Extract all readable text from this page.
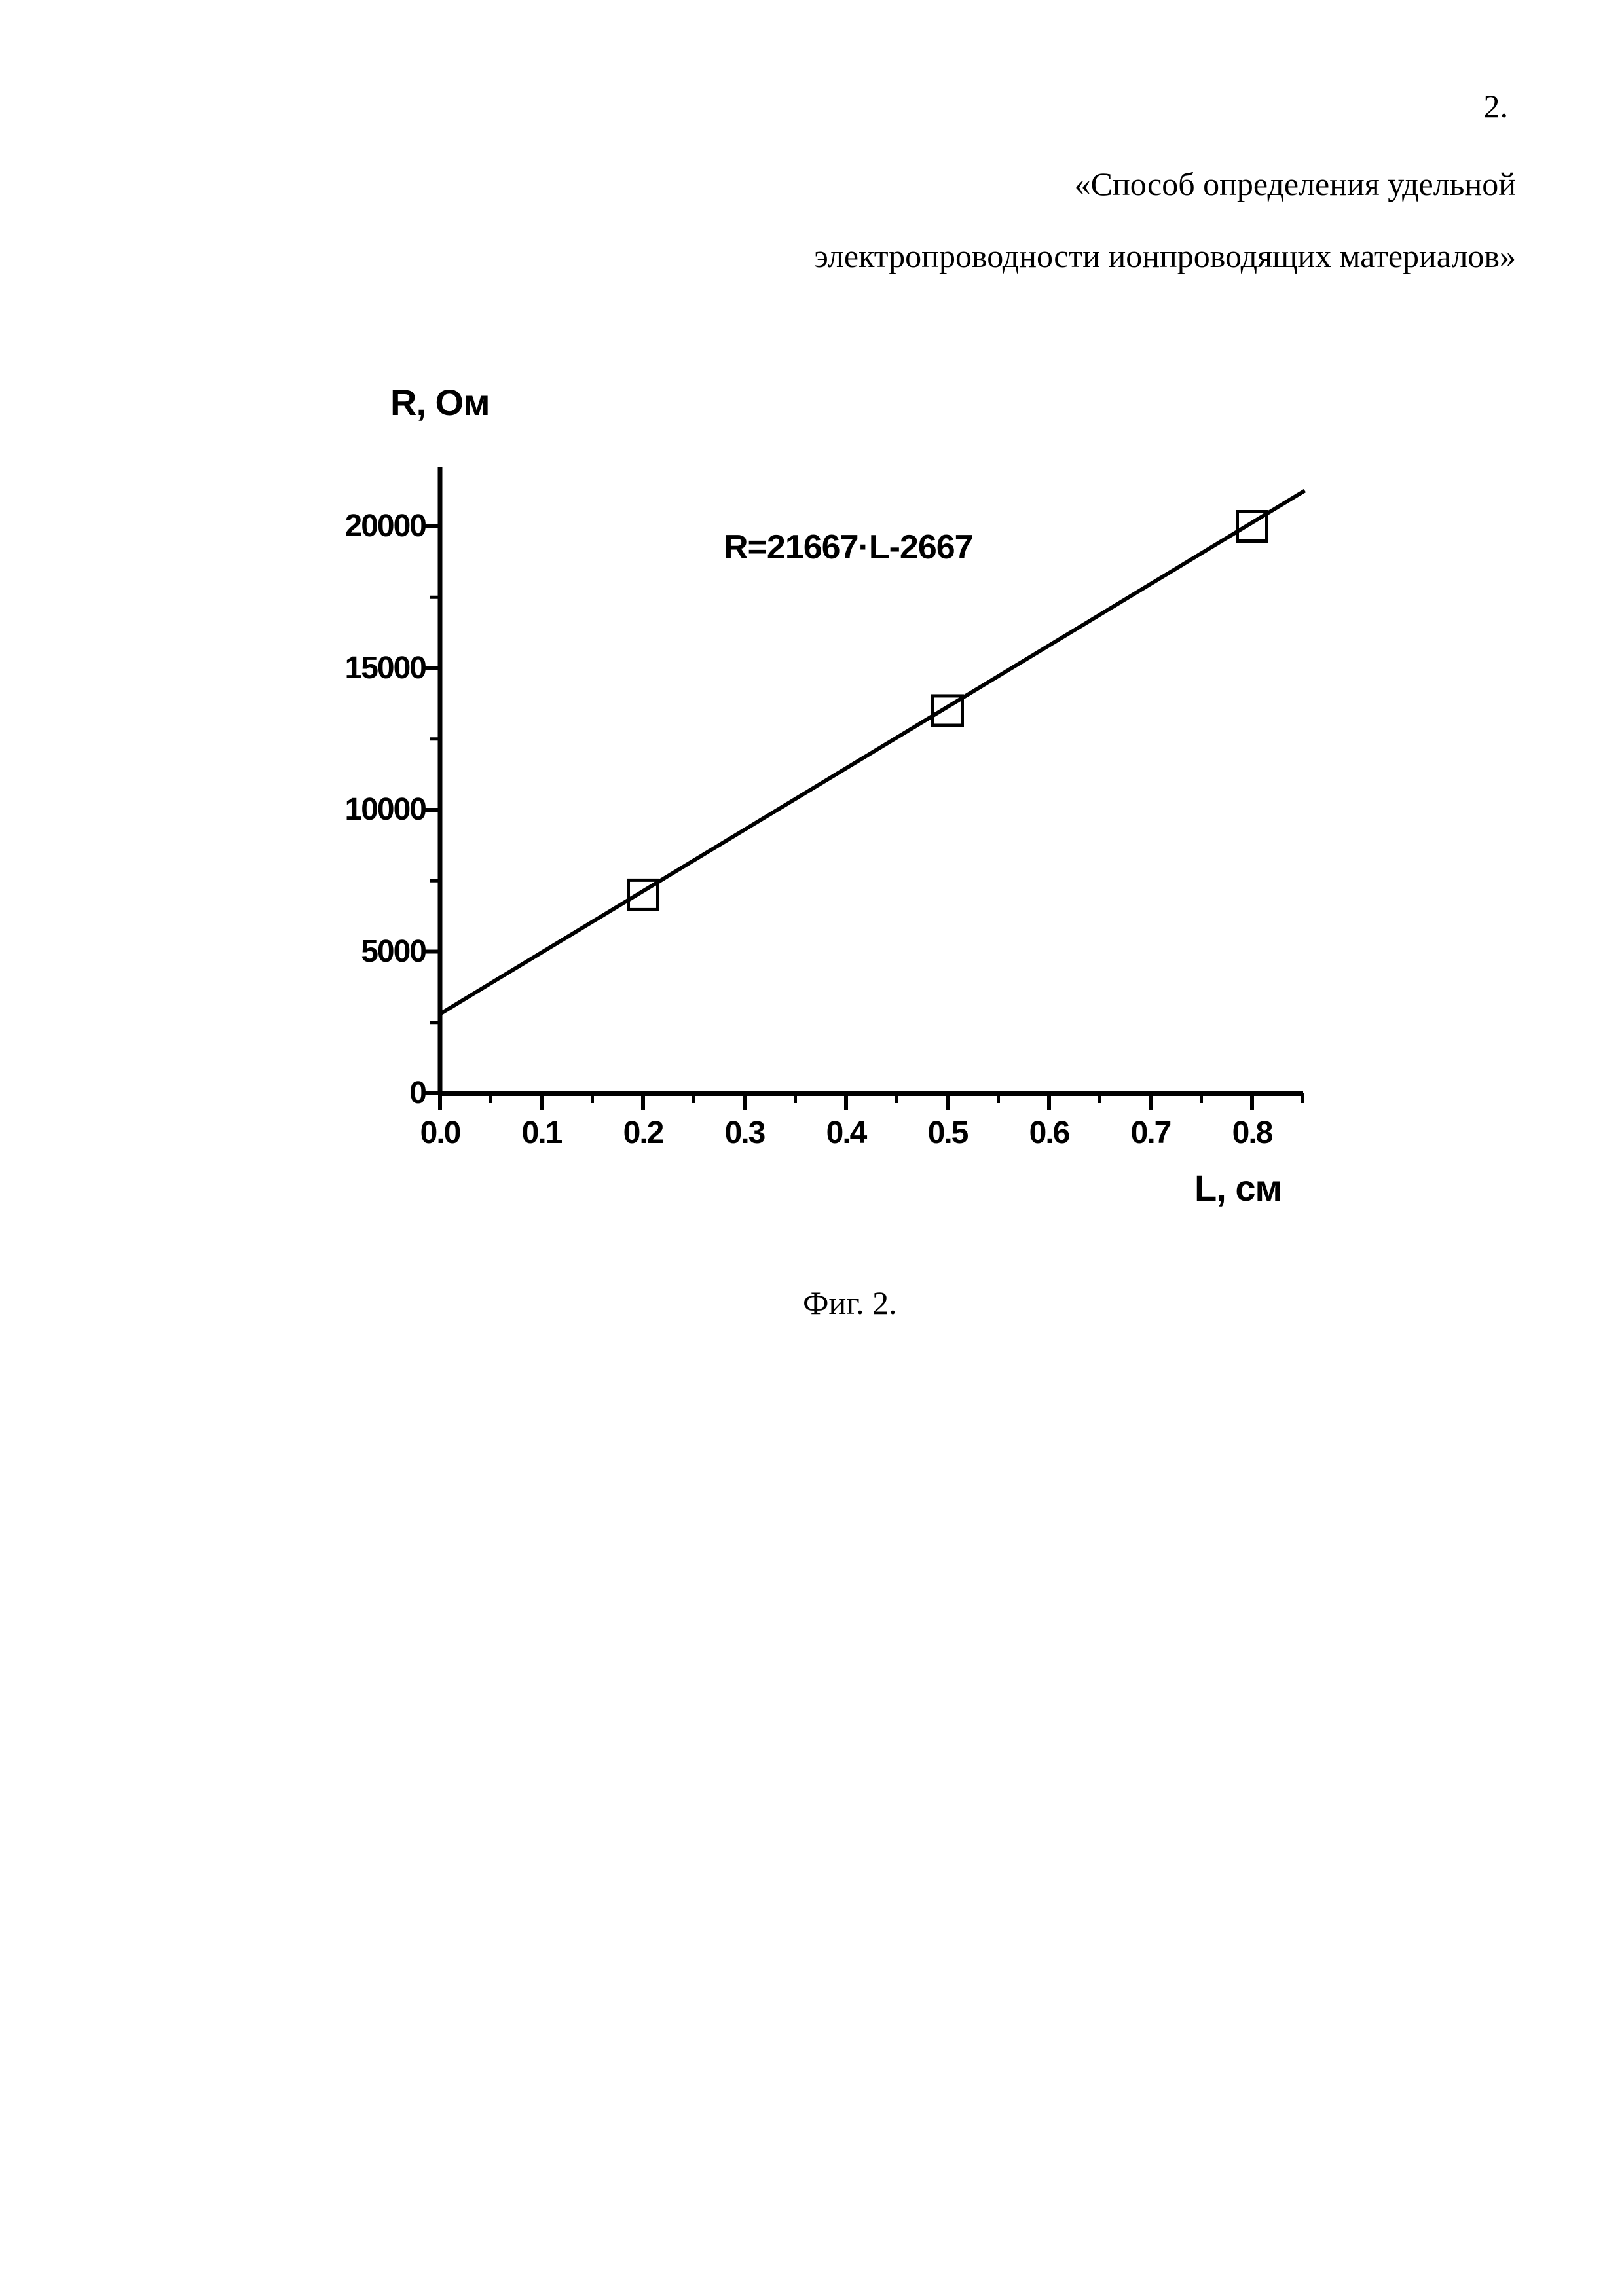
2.
«Способ определения удельной
электропроводности ионпроводящих материалов»
R, Ом
R=21667·L-2667
L, см
20000
15000
10000
5000
0
0.0	0.1	0.2	0.3	0.4	0.5	0.6	0.7	0.8
Фиг. 2.
